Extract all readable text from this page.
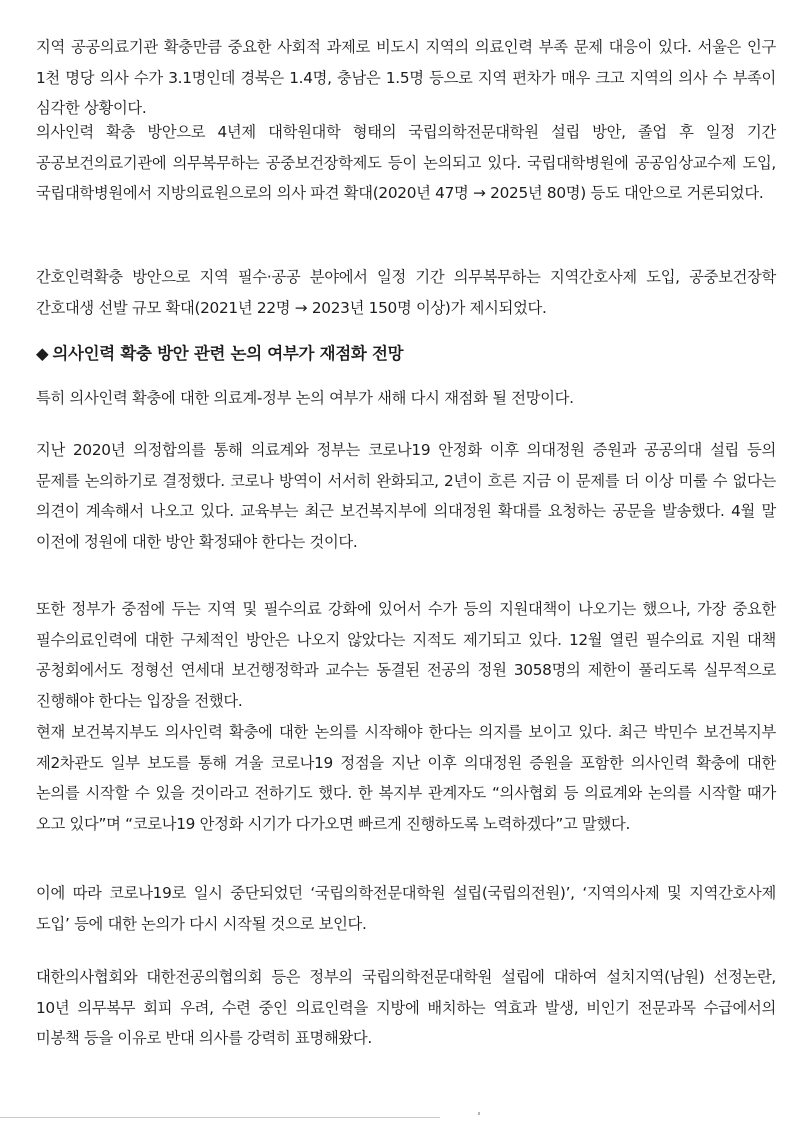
지역 공공의료기관 확충만큼 중요한 사회적 과제로 비도시 지역의 의료인력 부족 문제 대응이 있다. 서울은 인구 1천 명당 의사 수가 3.1명인데 경북은 1.4명, 충남은 1.5명 등으로 지역 편차가 매우 크고 지역의 의사 수 부족이 심각한 상황이다.

의사인력 확충 방안으로 4년제 대학원대학 형태의 국립의학전문대학원 설립 방안, 졸업 후 일정 기간 공공보건의료기관에 의무복무하는 공중보건장학제도 등이 논의되고 있다. 국립대학병원에 공공임상교수제 도입, 국립대학병원에서 지방의료원으로의 의사 파견 확대(2020년 47명 → 2025년 80명) 등도 대안으로 거론되었다.

간호인력확충 방안으로 지역 필수·공공 분야에서 일정 기간 의무복무하는 지역간호사제 도입, 공중보건장학 간호대생 선발 규모 확대(2021년 22명 → 2023년 150명 이상)가 제시되었다.

◆ 의사인력 확충 방안 관련 논의 여부가 재점화 전망

특히 의사인력 확충에 대한 의료계-정부 논의 여부가 새해 다시 재점화 될 전망이다.

지난 2020년 의정합의를 통해 의료계와 정부는 코로나19 안정화 이후 의대정원 증원과 공공의대 설립 등의 문제를 논의하기로 결정했다. 코로나 방역이 서서히 완화되고, 2년이 흐른 지금 이 문제를 더 이상 미룰 수 없다는 의견이 계속해서 나오고 있다. 교육부는 최근 보건복지부에 의대정원 확대를 요청하는 공문을 발송했다. 4월 말 이전에 정원에 대한 방안 확정돼야 한다는 것이다.

또한 정부가 중점에 두는 지역 및 필수의료 강화에 있어서 수가 등의 지원대책이 나오기는 했으나, 가장 중요한 필수의료인력에 대한 구체적인 방안은 나오지 않았다는 지적도 제기되고 있다. 12월 열린 필수의료 지원 대책 공청회에서도 정형선 연세대 보건행정학과 교수는 동결된 전공의 정원 3058명의 제한이 풀리도록 실무적으로 진행해야 한다는 입장을 전했다.

현재 보건복지부도 의사인력 확충에 대한 논의를 시작해야 한다는 의지를 보이고 있다. 최근 박민수 보건복지부 제2차관도 일부 보도를 통해 겨울 코로나19 정점을 지난 이후 의대정원 증원을 포함한 의사인력 확충에 대한 논의를 시작할 수 있을 것이라고 전하기도 했다. 한 복지부 관계자도 “의사협회 등 의료계와 논의를 시작할 때가 오고 있다”며 “코로나19 안정화 시기가 다가오면 빠르게 진행하도록 노력하겠다”고 말했다.

이에 따라 코로나19로 일시 중단되었던 ‘국립의학전문대학원 설립(국립의전원)’, ‘지역의사제 및 지역간호사제 도입’ 등에 대한 논의가 다시 시작될 것으로 보인다.

대한의사협회와 대한전공의협의회 등은 정부의 국립의학전문대학원 설립에 대하여 설치지역(남원) 선정논란, 10년 의무복무 회피 우려, 수련 중인 의료인력을 지방에 배치하는 역효과 발생, 비인기 전문과목 수급에서의 미봉책 등을 이유로 반대 의사를 강력히 표명해왔다.
